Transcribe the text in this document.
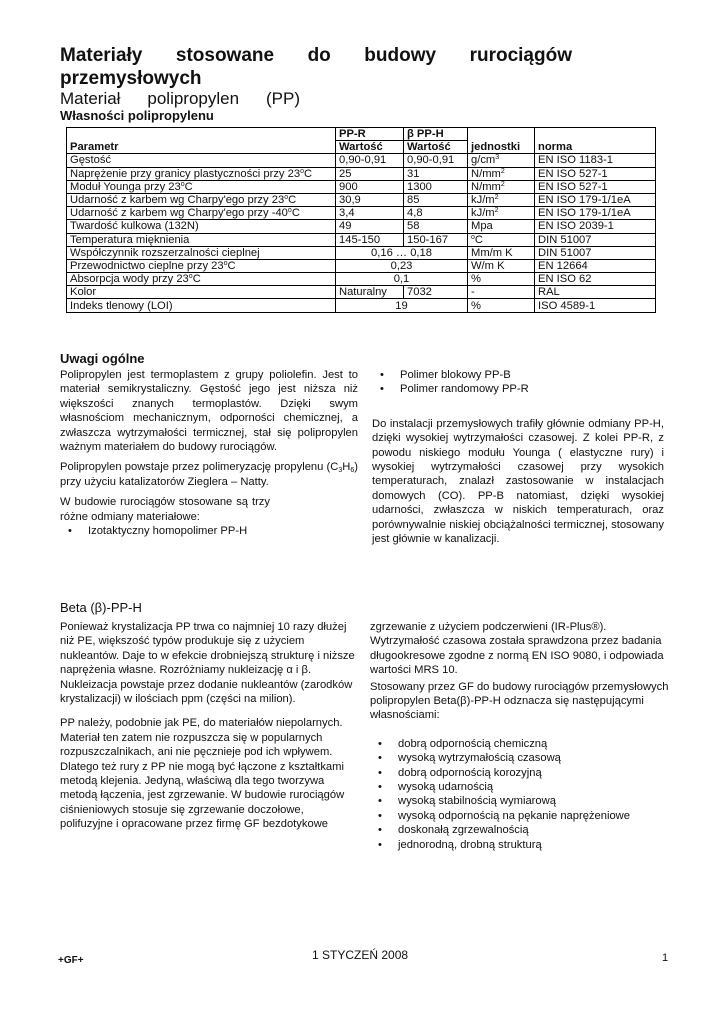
Materiały stosowane do budowy rurociągów
przemysłowych
Materiał polipropylen (PP)
Własności polipropylenu
	PP-R	β PP-H		
Parametr	Wartość	Wartość	jednostki	norma
Gęstość	0,90-0,91	0,90-0,91	$g/cm^3$	EN ISO 1183-1
Naprężenie przy granicy plastyczności przy 23$^o$C	25	31	$N/mm^2$	EN ISO 527-1
Moduł Younga przy 23$^o$C	900	1300	$N/mm^2$	EN ISO 527-1
Udarność z karbem wg Charpy'ego przy 23$^o$C	30,9	85	$kJ/m^2$	EN ISO 179-1/1eA
Udarność z karbem wg Charpy'ego przy -40$^o$C	3,4	4,8	$kJ/m^2$	EN ISO 179-1/1eA
Twardość kulkowa (132N)	49	58	Mpa	EN ISO 2039-1
Temperatura mięknienia	145-150	150-167	$^o$C	DIN 51007
Współczynnik rozszerzalności cieplnej	0,16 … 0,18		Mm/m K	DIN 51007
Przewodnictwo cieplne przy 23$^o$C	0,23		W/m K	EN 12664
Absorpcja wody przy 23$^o$C	0,1		%	EN ISO 62
Kolor	Naturalny	7032	-	RAL
Indeks tlenowy (LOI)	19		%	ISO 4589-1
Uwagi ogólne

Polipropylen jest termoplastem z grupy poliolefin. Jest to materiał semikrystaliczny. Gęstość jego jest niższa niż większości znanych termoplastów. Dzięki swym własnościom mechanicznym, odporności chemicznej, a zwłaszcza wytrzymałości termicznej, stał się polipropylen ważnym materiałem do budowy rurociągów.

Polipropylen powstaje przez polimeryzację propylenu $(C_3H_6)$ przy użyciu katalizatorów Zieglera – Natty.

W budowie rurociągów stosowane są trzy różne odmiany materiałowe:

• Izotaktyczny homopolimer PP-H
• Polimer blokowy PP-B
• Polimer randomowy PP-R

Do instalacji przemysłowych trafiły głównie odmiany PP-H, dzięki wysokiej wytrzymałości czasowej. Z kolei PP-R, z powodu niskiego modułu Younga ( elastyczne rury) i wysokiej wytrzymałości czasowej przy wysokich temperaturach, znalazł zastosowanie w instalacjach domowych (CO). PP-B natomiast, dzięki wysokiej udarności, zwłaszcza w niskich temperaturach, oraz porównywalnie niskiej obciążalności termicznej, stosowany jest głównie w kanalizacji.

Beta (β)-PP-H

Ponieważ krystalizacja PP trwa co najmniej 10 razy dłużej niż PE, większość typów produkuje się z użyciem nukleantów. Daje to w efekcie drobniejszą strukturę i niższe naprężenia własne. Rozróżniamy nukleizację α i β. Nukleizacja powstaje przez dodanie nukleantów (zarodków krystalizacji) w ilościach ppm (części na milion).

PP należy, podobnie jak PE, do materiałów niepolarnych. Materiał ten zatem nie rozpuszcza się w popularnych rozpuszczalnikach, ani nie pęcznieje pod ich wpływem. Dlatego też rury z PP nie mogą być łączone z kształtkami metodą klejenia. Jedyną, właściwą dla tego tworzywa metodą łączenia, jest zgrzewanie. W budowie rurociągów ciśnieniowych stosuje się zgrzewanie doczołowe, polifuzyjne i opracowane przez firmę GF bezdotykowe

zgrzewanie z użyciem podczerwieni (IR-Plus®). Wytrzymałość czasowa została sprawdzona przez badania długookresowe zgodne z normą EN ISO 9080, i odpowiada wartości MRS 10.

Stosowany przez GF do budowy rurociągów przemysłowych polipropylen Beta(β)-PP-H odznacza się następującymi własnościami:

• dobrą odpornością chemiczną
• wysoką wytrzymałością czasową
• dobrą odpornością korozyjną
• wysoką udarnością
• wysoką stabilnością wymiarową
• wysoką odpornością na pękanie naprężeniowe
• doskonałą zgrzewalnością
• jednorodną, drobną strukturą
+GF+	1 STYCZEŃ 2008	1
